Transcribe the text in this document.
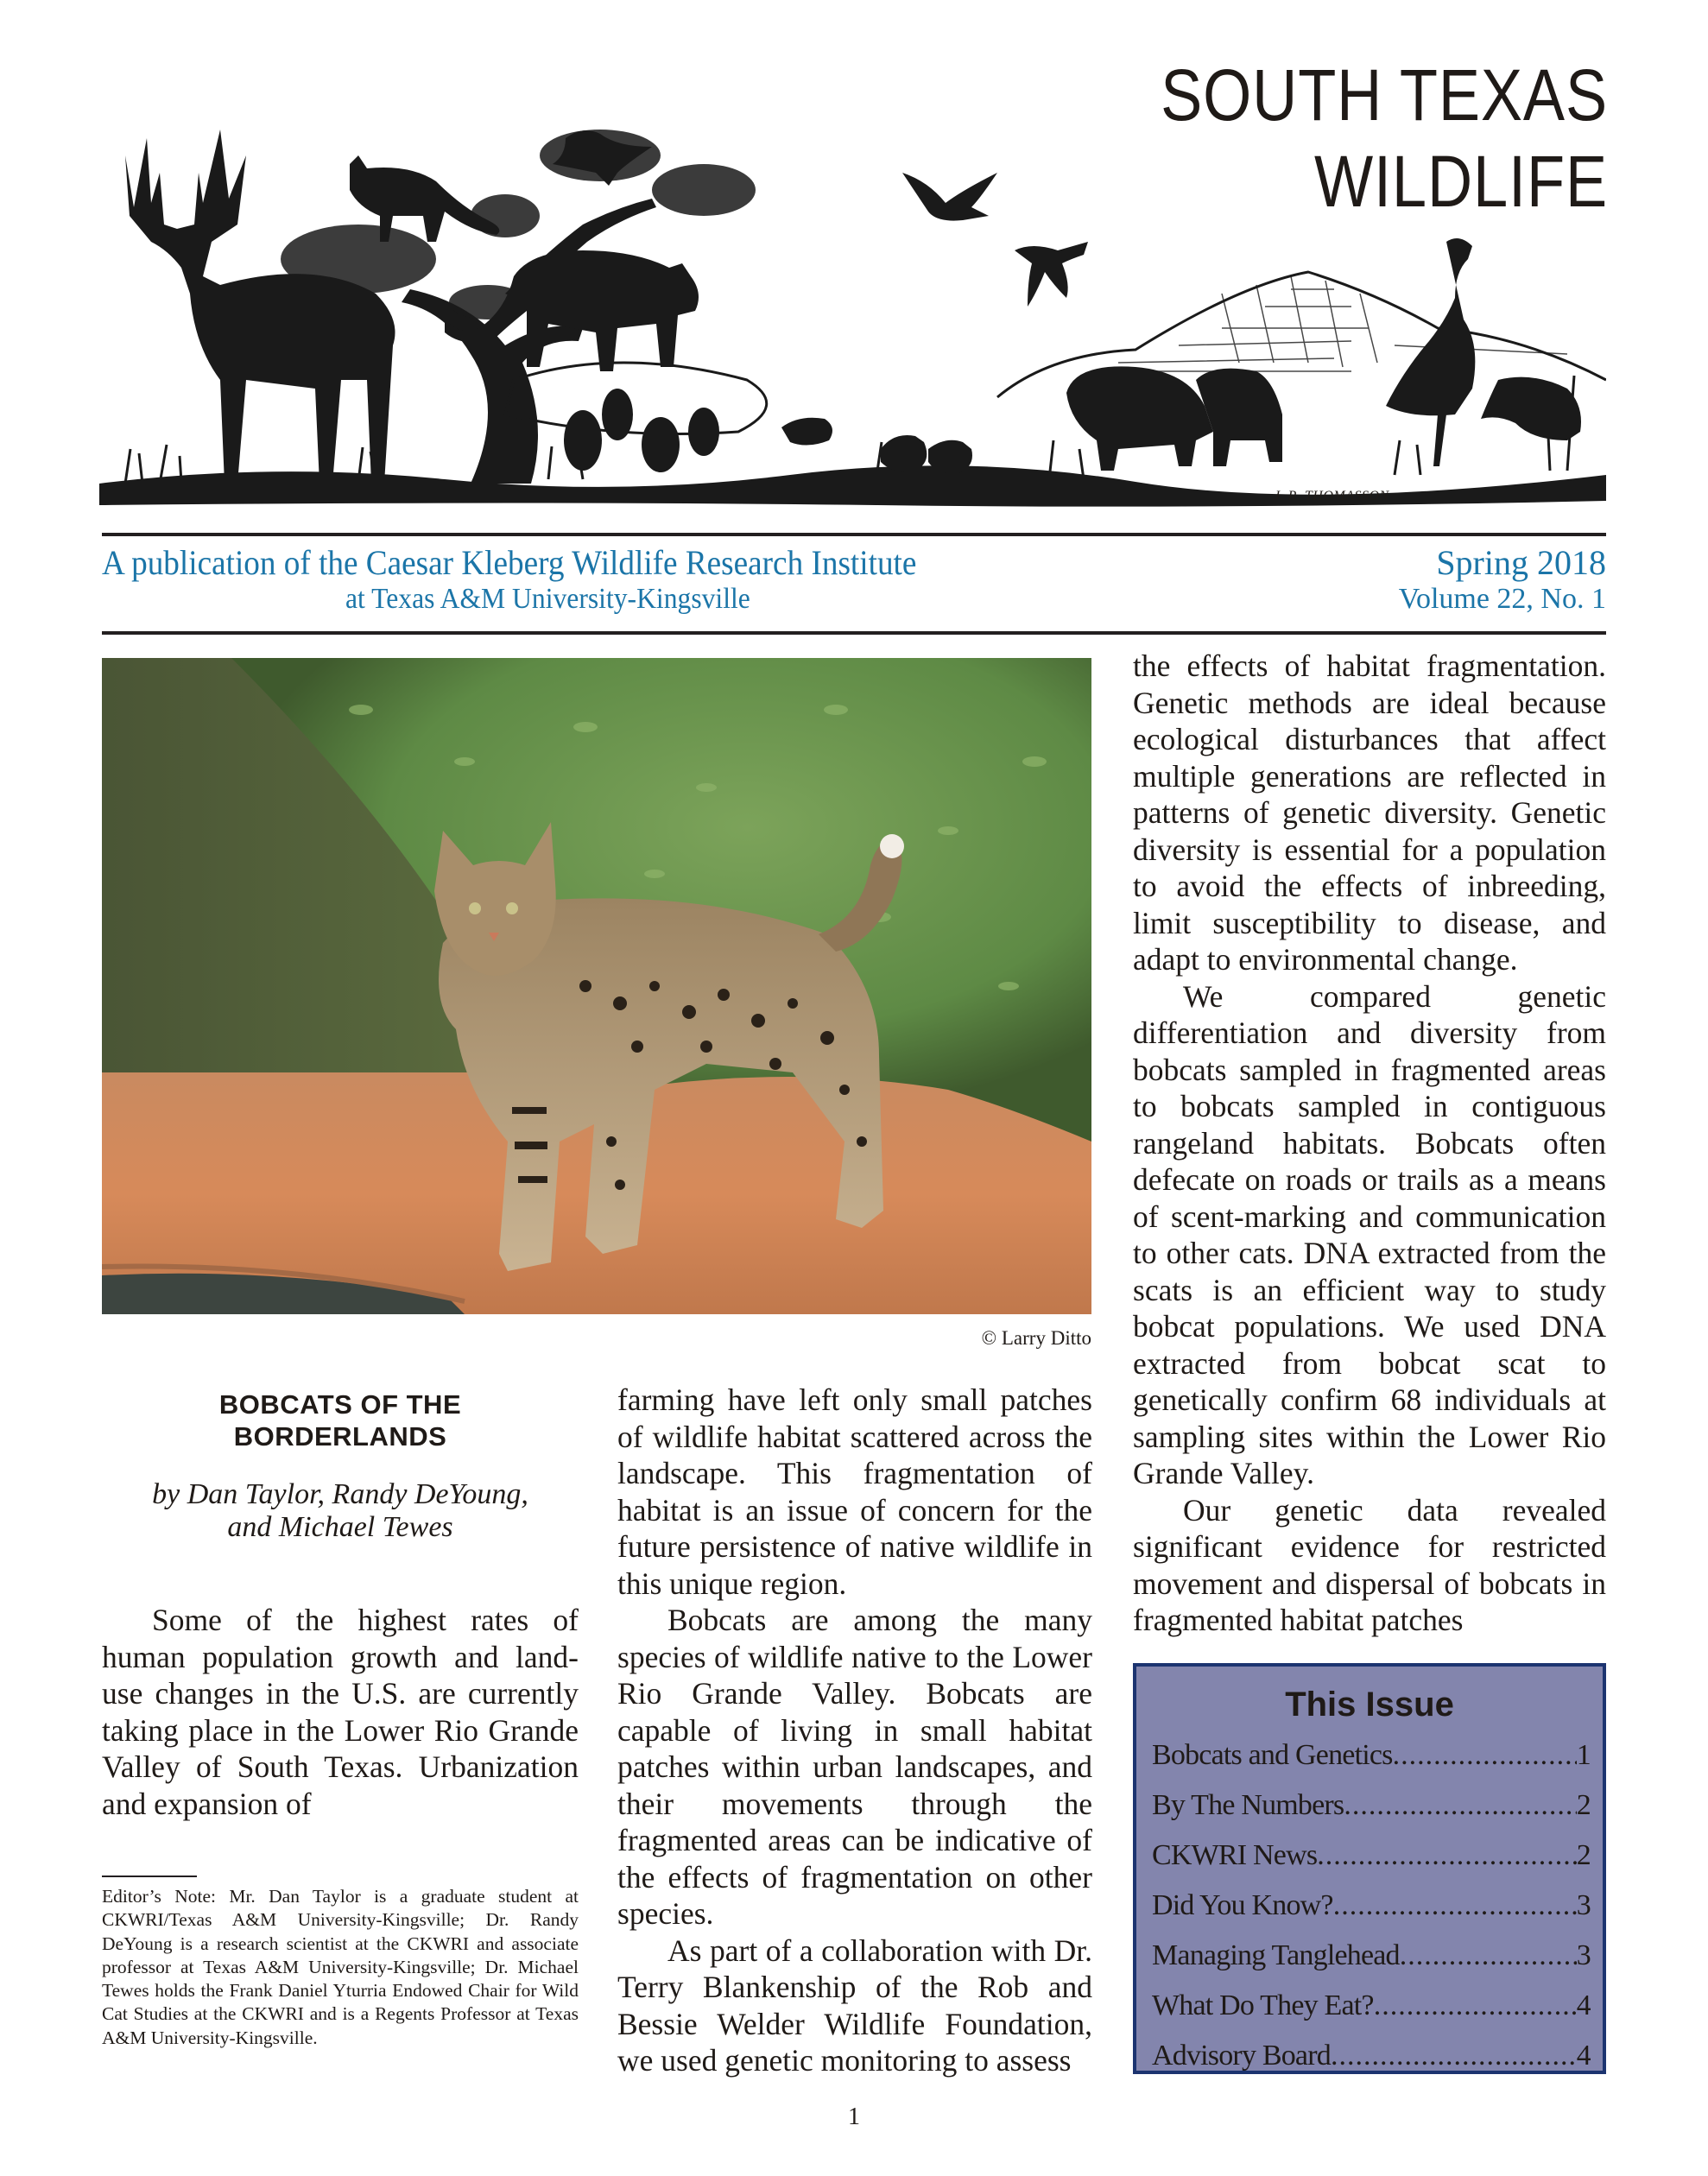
SOUTH TEXAS WILDLIFE
J. R. THOMASSON
A publication of the Caesar Kleberg Wildlife Research Institute
at Texas A&M University-Kingsville
Spring 2018
Volume 22, No. 1
© Larry Ditto
BOBCATS OF THE
BORDERLANDS
by Dan Taylor, Randy DeYoung,
and Michael Tewes

Some of the highest rates of human population growth and land-use changes in the U.S. are currently taking place in the Lower Rio Grande Valley of South Texas. Urbanization and expansion of

Editor’s Note: Mr. Dan Taylor is a graduate student at CKWRI/Texas A&M University-Kingsville; Dr. Randy DeYoung is a research scientist at the CKWRI and associate professor at Texas A&M University-Kingsville; Dr. Michael Tewes holds the Frank Daniel Yturria Endowed Chair for Wild Cat Studies at the CKWRI and is a Regents Professor at Texas A&M University-Kingsville.

farming have left only small patches of wildlife habitat scattered across the landscape. This fragmentation of habitat is an issue of concern for the future persistence of native wildlife in this unique region.

Bobcats are among the many species of wildlife native to the Lower Rio Grande Valley. Bobcats are capable of living in small habitat patches within urban landscapes, and their movements through the fragmented areas can be indicative of the effects of fragmentation on other species.

As part of a collaboration with Dr. Terry Blankenship of the Rob and Bessie Welder Wildlife Foundation, we used genetic monitoring to assess

the effects of habitat fragmentation. Genetic methods are ideal because ecological disturbances that affect multiple generations are reflected in patterns of genetic diversity. Genetic diversity is essential for a population to avoid the effects of inbreeding, limit susceptibility to disease, and adapt to environmental change.

We compared genetic differentiation and diversity from bobcats sampled in fragmented areas to bobcats sampled in contiguous rangeland habitats. Bobcats often defecate on roads or trails as a means of scent-marking and communication to other cats. DNA extracted from the scats is an efficient way to study bobcat populations. We used DNA extracted from bobcat scat to genetically confirm 68 individuals at sampling sites within the Lower Rio Grande Valley.

Our genetic data revealed significant evidence for restricted movement and dispersal of bobcats in fragmented habitat patches

This Issue
Bobcats and Genetics .....	1
By The Numbers .....	2
CKWRI News .....	2
Did You Know? .....	3
Managing Tanglehead .....	3
What Do They Eat? .....	4
Advisory Board .....	4
1
